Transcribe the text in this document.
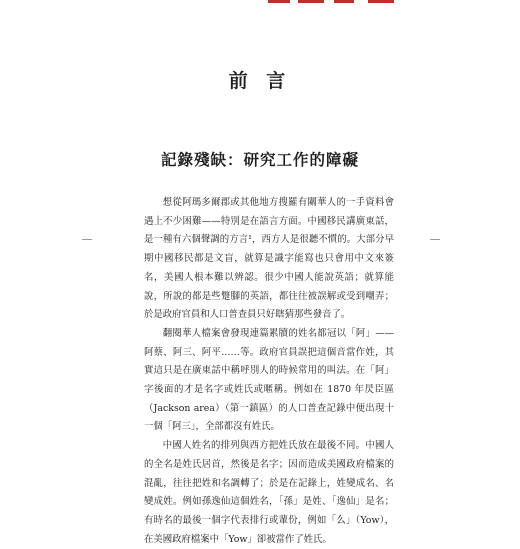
前 言
記錄殘缺：研究工作的障礙

想從阿瑪多爾郡或其他地方搜羅有關華人的一手資料會遇上不少困難——特別是在語言方面。中國移民講廣東話，是一種有六個聲調的方言¹，西方人是很聽不慣的。大部分早期中國移民都是文盲，就算是識字能寫也只會用中文來簽名，美國人根本難以辨認。很少中國人能說英語；就算能說，所說的都是些蹩腳的英語，都往往被誤解或受到嘲弄；於是政府官員和人口普查員只好瞎猜那些發音了。

翻閱華人檔案會發現連篇累牘的姓名都冠以「阿」——阿蔡、阿三、阿平……等。政府官員誤把這個音當作姓，其實這只是在廣東話中稱呼別人的時候常用的叫法。在「阿」字後面的才是名字或姓氏或暱稱。例如在 1870 年昃臣區（Jackson area）（第一鎮區）的人口普查記錄中便出現十一個「阿三」，全部都沒有姓氏。

中國人姓名的排列與西方把姓氏放在最後不同。中國人的全名是姓氏居首，然後是名字；因而造成美國政府檔案的混亂，往往把姓和名調轉了；於是在記錄上，姓變成名、名變成姓。例如孫逸仙這個姓名，「孫」是姓、「逸仙」是名；有時名的最後一個字代表排行或輩份，例如「么」（Yow），在美國政府檔案中「Yow」卻被當作了姓氏。
